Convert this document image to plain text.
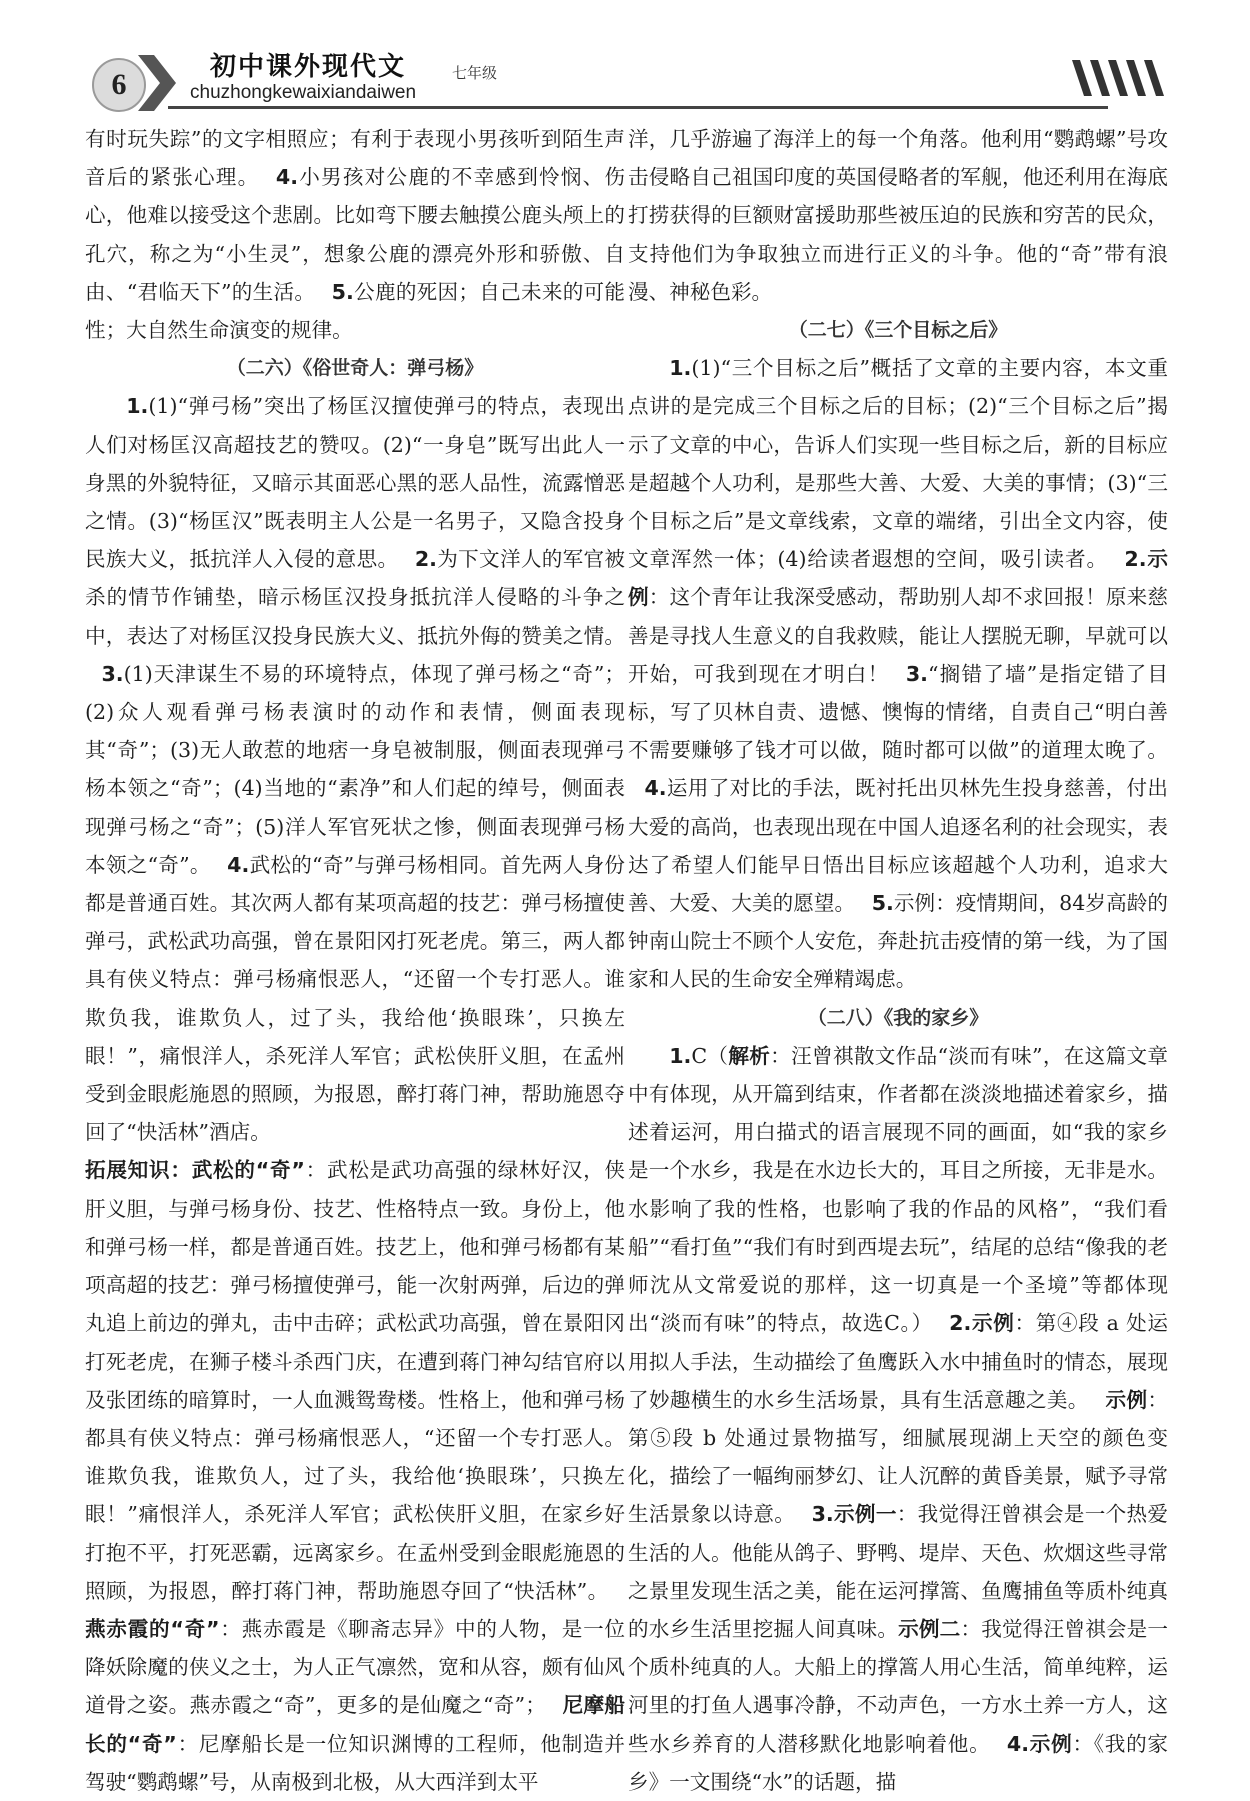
6
初中课外现代文
chuzhongkewaixiandaiwen
七年级

有时玩失踪”的文字相照应；有利于表现小男孩听到陌生声音后的紧张心理。 4.小男孩对公鹿的不幸感到怜悯、伤心，他难以接受这个悲剧。比如弯下腰去触摸公鹿头颅上的孔穴，称之为“小生灵”，想象公鹿的漂亮外形和骄傲、自由、“君临天下”的生活。 5.公鹿的死因；自己未来的可能性；大自然生命演变的规律。

（二六）《俗世奇人：弹弓杨》

1.(1)“弹弓杨”突出了杨匡汉擅使弹弓的特点，表现出人们对杨匡汉高超技艺的赞叹。(2)“一身皂”既写出此人一身黑的外貌特征，又暗示其面恶心黑的恶人品性，流露憎恶之情。(3)“杨匡汉”既表明主人公是一名男子，又隐含投身民族大义，抵抗洋人入侵的意思。 2.为下文洋人的军官被杀的情节作铺垫，暗示杨匡汉投身抵抗洋人侵略的斗争之中，表达了对杨匡汉投身民族大义、抵抗外侮的赞美之情。3.(1)天津谋生不易的环境特点，体现了弹弓杨之“奇”；(2)众人观看弹弓杨表演时的动作和表情，侧面表现其“奇”；(3)无人敢惹的地痞一身皂被制服，侧面表现弹弓杨本领之“奇”；(4)当地的“素净”和人们起的绰号，侧面表现弹弓杨之“奇”；(5)洋人军官死状之惨，侧面表现弹弓杨本领之“奇”。 4.武松的“奇”与弹弓杨相同。首先两人身份都是普通百姓。其次两人都有某项高超的技艺：弹弓杨擅使弹弓，武松武功高强，曾在景阳冈打死老虎。第三，两人都具有侠义特点：弹弓杨痛恨恶人，“还留一个专打恶人。谁欺负我，谁欺负人，过了头，我给他‘换眼珠’，只换左眼！”，痛恨洋人，杀死洋人军官；武松侠肝义胆，在孟州受到金眼彪施恩的照顾，为报恩，醉打蒋门神，帮助施恩夺回了“快活林”酒店。

拓展知识：武松的“奇”：武松是武功高强的绿林好汉，侠肝义胆，与弹弓杨身份、技艺、性格特点一致。身份上，他和弹弓杨一样，都是普通百姓。技艺上，他和弹弓杨都有某项高超的技艺：弹弓杨擅使弹弓，能一次射两弹，后边的弹丸追上前边的弹丸，击中击碎；武松武功高强，曾在景阳冈打死老虎，在狮子楼斗杀西门庆，在遭到蒋门神勾结官府以及张团练的暗算时，一人血溅鸳鸯楼。性格上，他和弹弓杨都具有侠义特点：弹弓杨痛恨恶人，“还留一个专打恶人。谁欺负我，谁欺负人，过了头，我给他‘换眼珠’，只换左眼！”痛恨洋人，杀死洋人军官；武松侠肝义胆，在家乡好打抱不平，打死恶霸，远离家乡。在孟州受到金眼彪施恩的照顾，为报恩，醉打蒋门神，帮助施恩夺回了“快活林”。燕赤霞的“奇”：燕赤霞是《聊斋志异》中的人物，是一位降妖除魔的侠义之士，为人正气凛然，宽和从容，颇有仙风道骨之姿。燕赤霞之“奇”，更多的是仙魔之“奇”； 尼摩船长的“奇”：尼摩船长是一位知识渊博的工程师，他制造并驾驶“鹦鹉螺”号，从南极到北极，从大西洋到太平

洋，几乎游遍了海洋上的每一个角落。他利用“鹦鹉螺”号攻击侵略自己祖国印度的英国侵略者的军舰，他还利用在海底打捞获得的巨额财富援助那些被压迫的民族和穷苦的民众，支持他们为争取独立而进行正义的斗争。他的“奇”带有浪漫、神秘色彩。

（二七）《三个目标之后》

1.(1)“三个目标之后”概括了文章的主要内容，本文重点讲的是完成三个目标之后的目标；(2)“三个目标之后”揭示了文章的中心，告诉人们实现一些目标之后，新的目标应是超越个人功利，是那些大善、大爱、大美的事情；(3)“三个目标之后”是文章线索，文章的端绪，引出全文内容，使文章浑然一体；(4)给读者遐想的空间，吸引读者。 2.示例：这个青年让我深受感动，帮助别人却不求回报！原来慈善是寻找人生意义的自我救赎，能让人摆脱无聊，早就可以开始，可我到现在才明白！ 3.“搁错了墙”是指定错了目标，写了贝林自责、遗憾、懊悔的情绪，自责自己“明白善不需要赚够了钱才可以做，随时都可以做”的道理太晚了。4.运用了对比的手法，既衬托出贝林先生投身慈善，付出大爱的高尚，也表现出现在中国人追逐名利的社会现实，表达了希望人们能早日悟出目标应该超越个人功利，追求大善、大爱、大美的愿望。 5.示例：疫情期间，84岁高龄的钟南山院士不顾个人安危，奔赴抗击疫情的第一线，为了国家和人民的生命安全殚精竭虑。

（二八）《我的家乡》

1.C（解析：汪曾祺散文作品“淡而有味”，在这篇文章中有体现，从开篇到结束，作者都在淡淡地描述着家乡，描述着运河，用白描式的语言展现不同的画面，如“我的家乡是一个水乡，我是在水边长大的，耳目之所接，无非是水。水影响了我的性格，也影响了我的作品的风格”，“我们看船”“看打鱼”“我们有时到西堤去玩”，结尾的总结“像我的老师沈从文常爱说的那样，这一切真是一个圣境”等都体现出“淡而有味”的特点，故选C。） 2.示例：第④段 a 处运用拟人手法，生动描绘了鱼鹰跃入水中捕鱼时的情态，展现了妙趣横生的水乡生活场景，具有生活意趣之美。 示例：第⑤段 b 处通过景物描写，细腻展现湖上天空的颜色变化，描绘了一幅绚丽梦幻、让人沉醉的黄昏美景，赋予寻常生活景象以诗意。 3.示例一：我觉得汪曾祺会是一个热爱生活的人。他能从鸽子、野鸭、堤岸、天色、炊烟这些寻常之景里发现生活之美，能在运河撑篙、鱼鹰捕鱼等质朴纯真的水乡生活里挖掘人间真味。示例二：我觉得汪曾祺会是一个质朴纯真的人。大船上的撑篙人用心生活，简单纯粹，运河里的打鱼人遇事冷静，不动声色，一方水土养一方人，这些水乡养育的人潜移默化地影响着他。 4.示例：《我的家乡》一文围绕“水”的话题，描
